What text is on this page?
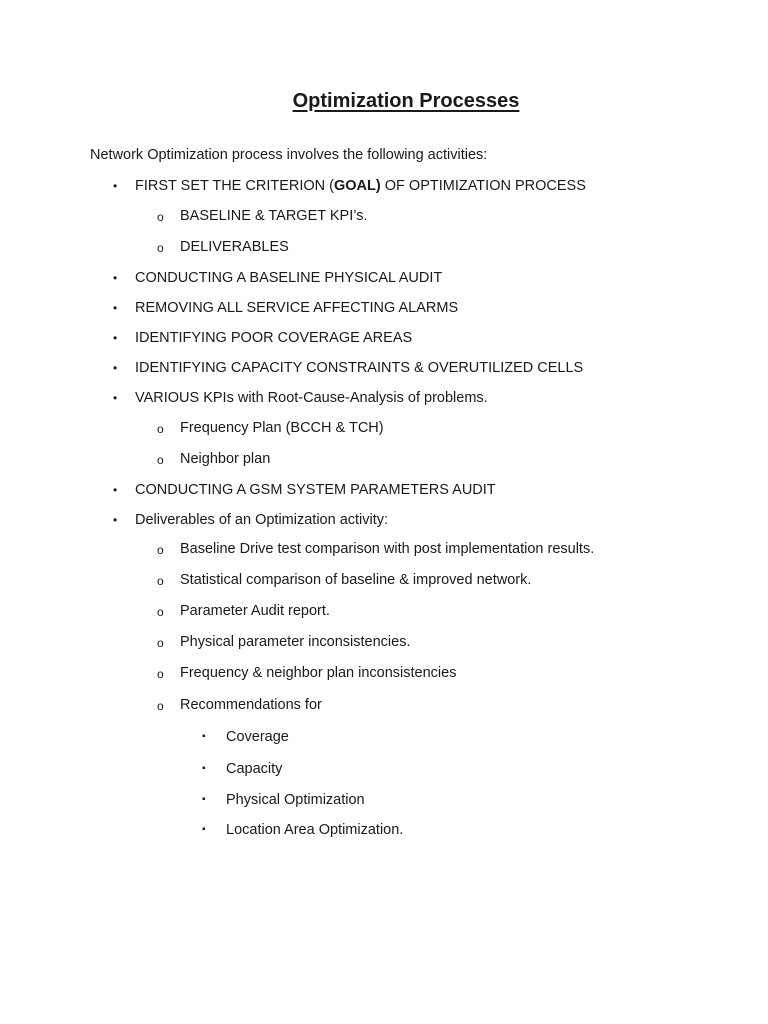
Optimization Processes

Network Optimization process involves the following activities:

• FIRST SET THE CRITERION (GOAL) OF OPTIMIZATION PROCESS
o BASELINE & TARGET KPI’s.
o DELIVERABLES
• CONDUCTING A BASELINE PHYSICAL AUDIT
• REMOVING ALL SERVICE AFFECTING ALARMS
• IDENTIFYING POOR COVERAGE AREAS
• IDENTIFYING CAPACITY CONSTRAINTS & OVERUTILIZED CELLS
• VARIOUS KPIs with Root-Cause-Analysis of problems.
o Frequency Plan (BCCH & TCH)
o Neighbor plan
• CONDUCTING A GSM SYSTEM PARAMETERS AUDIT
• Deliverables of an Optimization activity:
o Baseline Drive test comparison with post implementation results.
o Statistical comparison of baseline & improved network.
o Parameter Audit report.
o Physical parameter inconsistencies.
o Frequency & neighbor plan inconsistencies
o Recommendations for
▪ Coverage
▪ Capacity
▪ Physical Optimization
▪ Location Area Optimization.
